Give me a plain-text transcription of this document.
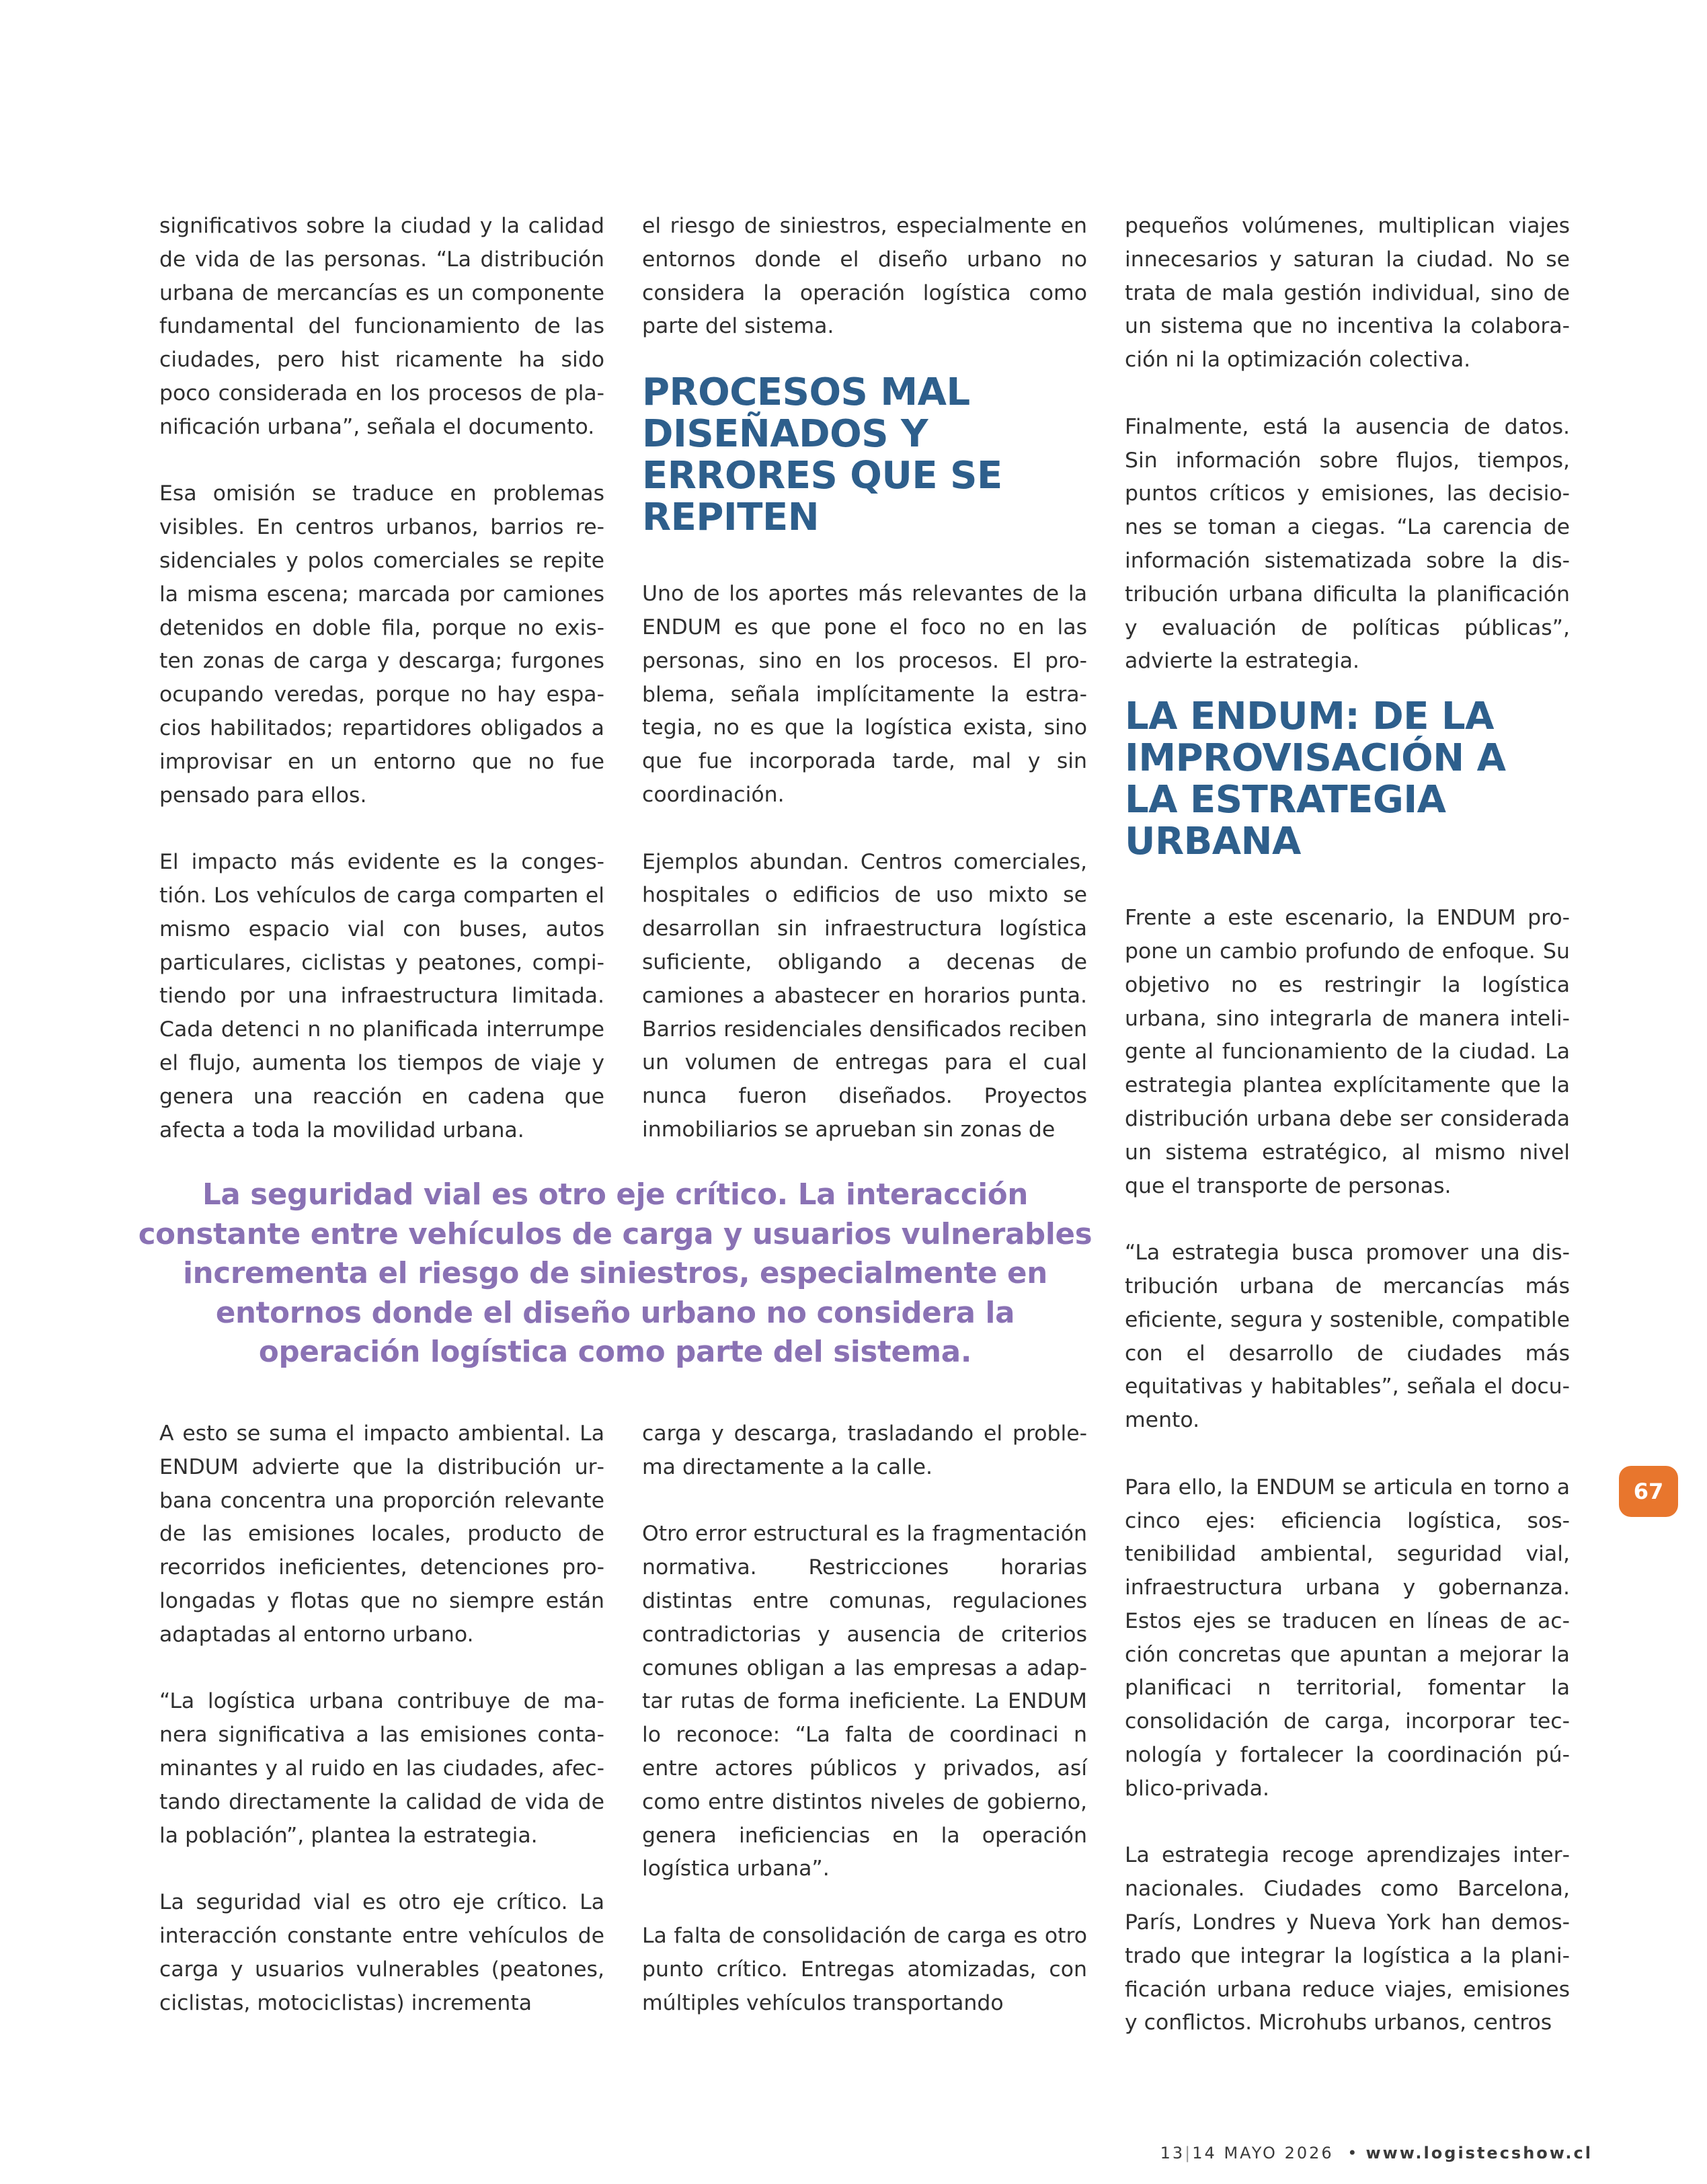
significativos sobre la ciudad y la calidad de vida de las personas. “La distribución urbana de mercancías es un componente fundamental del funcionamiento de las ciudades, pero hist ricamente ha sido poco considerada en los procesos de planificación urbana”, señala el documento.

Esa omisión se traduce en problemas visibles. En centros urbanos, barrios residenciales y polos comerciales se repite la misma escena; marcada por camiones detenidos en doble fila, porque no existen zonas de carga y descarga; furgones ocupando veredas, porque no hay espacios habilitados; repartidores obligados a improvisar en un entorno que no fue pensado para ellos.

El impacto más evidente es la congestión. Los vehículos de carga comparten el mismo espacio vial con buses, autos particulares, ciclistas y peatones, compitiendo por una infraestructura limitada. Cada detenci n no planificada interrumpe el flujo, aumenta los tiempos de viaje y genera una reacción en cadena que afecta a toda la movilidad urbana.

el riesgo de siniestros, especialmente en entornos donde el diseño urbano no considera la operación logística como parte del sistema.

PROCESOS MAL DISEÑADOS Y ERRORES QUE SE REPITEN

Uno de los aportes más relevantes de la ENDUM es que pone el foco no en las personas, sino en los procesos. El problema, señala implícitamente la estrategia, no es que la logística exista, sino que fue incorporada tarde, mal y sin coordinación.

Ejemplos abundan. Centros comerciales, hospitales o edificios de uso mixto se desarrollan sin infraestructura logística suficiente, obligando a decenas de camiones a abastecer en horarios punta. Barrios residenciales densificados reciben un volumen de entregas para el cual nunca fueron diseñados. Proyectos inmobiliarios se aprueban sin zonas de

pequeños volúmenes, multiplican viajes innecesarios y saturan la ciudad. No se trata de mala gestión individual, sino de un sistema que no incentiva la colaboración ni la optimización colectiva.

Finalmente, está la ausencia de datos. Sin información sobre flujos, tiempos, puntos críticos y emisiones, las decisiones se toman a ciegas. “La carencia de información sistematizada sobre la distribución urbana dificulta la planificación y evaluación de políticas públicas”, advierte la estrategia.

LA ENDUM: DE LA IMPROVISACIÓN A LA ESTRATEGIA URBANA

Frente a este escenario, la ENDUM propone un cambio profundo de enfoque. Su objetivo no es restringir la logística urbana, sino integrarla de manera inteligente al funcionamiento de la ciudad. La estrategia plantea explícitamente que la distribución urbana debe ser considerada un sistema estratégico, al mismo nivel que el transporte de personas.

“La estrategia busca promover una distribución urbana de mercancías más eficiente, segura y sostenible, compatible con el desarrollo de ciudades más equitativas y habitables”, señala el documento.

Para ello, la ENDUM se articula en torno a cinco ejes: eficiencia logística, sostenibilidad ambiental, seguridad vial, infraestructura urbana y gobernanza. Estos ejes se traducen en líneas de acción concretas que apuntan a mejorar la planificaci n territorial, fomentar la consolidación de carga, incorporar tecnología y fortalecer la coordinación público-privada.

La estrategia recoge aprendizajes internacionales. Ciudades como Barcelona, París, Londres y Nueva York han demostrado que integrar la logística a la planificación urbana reduce viajes, emisiones y conflictos. Microhubs urbanos, centros

La seguridad vial es otro eje crítico. La interacción constante entre vehículos de carga y usuarios vulnerables incrementa el riesgo de siniestros, especialmente en entornos donde el diseño urbano no considera la operación logística como parte del sistema.

A esto se suma el impacto ambiental. La ENDUM advierte que la distribución urbana concentra una proporción relevante de las emisiones locales, producto de recorridos ineficientes, detenciones prolongadas y flotas que no siempre están adaptadas al entorno urbano.

“La logística urbana contribuye de manera significativa a las emisiones contaminantes y al ruido en las ciudades, afectando directamente la calidad de vida de la población”, plantea la estrategia.

La seguridad vial es otro eje crítico. La interacción constante entre vehículos de carga y usuarios vulnerables (peatones, ciclistas, motociclistas) incrementa

carga y descarga, trasladando el problema directamente a la calle.

Otro error estructural es la fragmentación normativa. Restricciones horarias distintas entre comunas, regulaciones contradictorias y ausencia de criterios comunes obligan a las empresas a adaptar rutas de forma ineficiente. La ENDUM lo reconoce: “La falta de coordinaci n entre actores públicos y privados, así como entre distintos niveles de gobierno, genera ineficiencias en la operación logística urbana”.

La falta de consolidación de carga es otro punto crítico. Entregas atomizadas, con múltiples vehículos transportando

67
13|14 MAYO 2026 • www.logistecshow.cl
